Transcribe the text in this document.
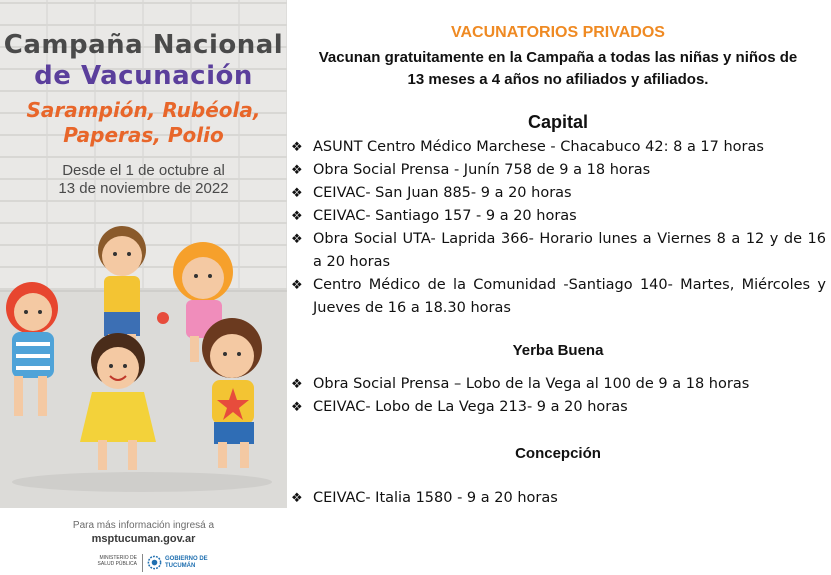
Campaña Nacional
de Vacunación
Sarampión, Rubéola,
Paperas, Polio
Desde el 1 de octubre al
13 de noviembre de 2022
Para más información ingresá a
msptucuman.gov.ar
MINISTERIO DE
SALUD PÚBLICA
GOBIERNO DE
TUCUMÁN
VACUNATORIOS PRIVADOS
Vacunan gratuitamente en la Campaña a todas las niñas y niños de
13 meses a 4 años no afiliados y afiliados.
Capital
❖ ASUNT Centro Médico Marchese - Chacabuco 42: 8 a 17 horas
❖ Obra Social Prensa - Junín 758 de 9 a 18 horas
❖ CEIVAC- San Juan 885- 9 a 20 horas
❖ CEIVAC- Santiago 157 - 9 a 20 horas
❖ Obra Social UTA- Laprida 366- Horario lunes a Viernes 8 a 12 y de 16 a 20 horas
❖ Centro Médico de la Comunidad -Santiago 140- Martes, Miércoles y Jueves de 16 a 18.30 horas
Yerba Buena
❖ Obra Social Prensa – Lobo de la Vega al 100 de 9 a 18 horas
❖ CEIVAC- Lobo de La Vega 213- 9 a 20 horas
Concepción
❖ CEIVAC- Italia 1580 - 9 a 20 horas
